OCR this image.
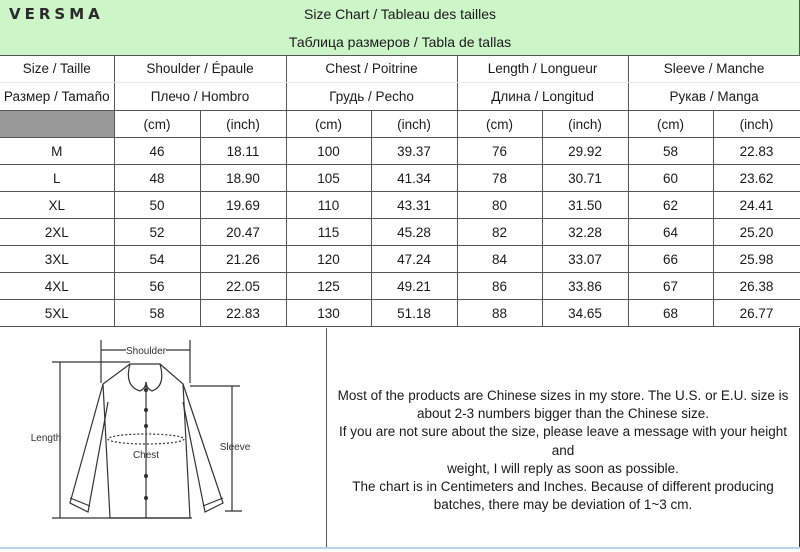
VERSMA	Size Chart / Tableau des tailles
Таблица размеров / Tabla de tallas
Size / Taille	Shoulder / Épaule		Chest / Poitrine		Length / Longueur		Sleeve / Manche	
Размер / Tamaño	Плечо / Hombro		Грудь / Pecho		Длина / Longitud		Рукав / Manga	
	(cm)	(inch)	(cm)	(inch)	(cm)	(inch)	(cm)	(inch)
M	46	18.11	100	39.37	76	29.92	58	22.83
L	48	18.90	105	41.34	78	30.71	60	23.62
XL	50	19.69	110	43.31	80	31.50	62	24.41
2XL	52	20.47	115	45.28	82	32.28	64	25.20
3XL	54	21.26	120	47.24	84	33.07	66	25.98
4XL	56	22.05	125	49.21	86	33.86	67	26.38
5XL	58	22.83	130	51.18	88	34.65	68	26.77
Shoulder
Length
Sleeve
Chest
Most of the products are Chinese sizes in my store. The U.S. or E.U. size is
about 2-3 numbers bigger than the Chinese size.
If you are not sure about the size, please leave a message with your height and
weight, I will reply as soon as possible.
The chart is in Centimeters and Inches. Because of different producing
batches, there may be deviation of 1~3 cm.
